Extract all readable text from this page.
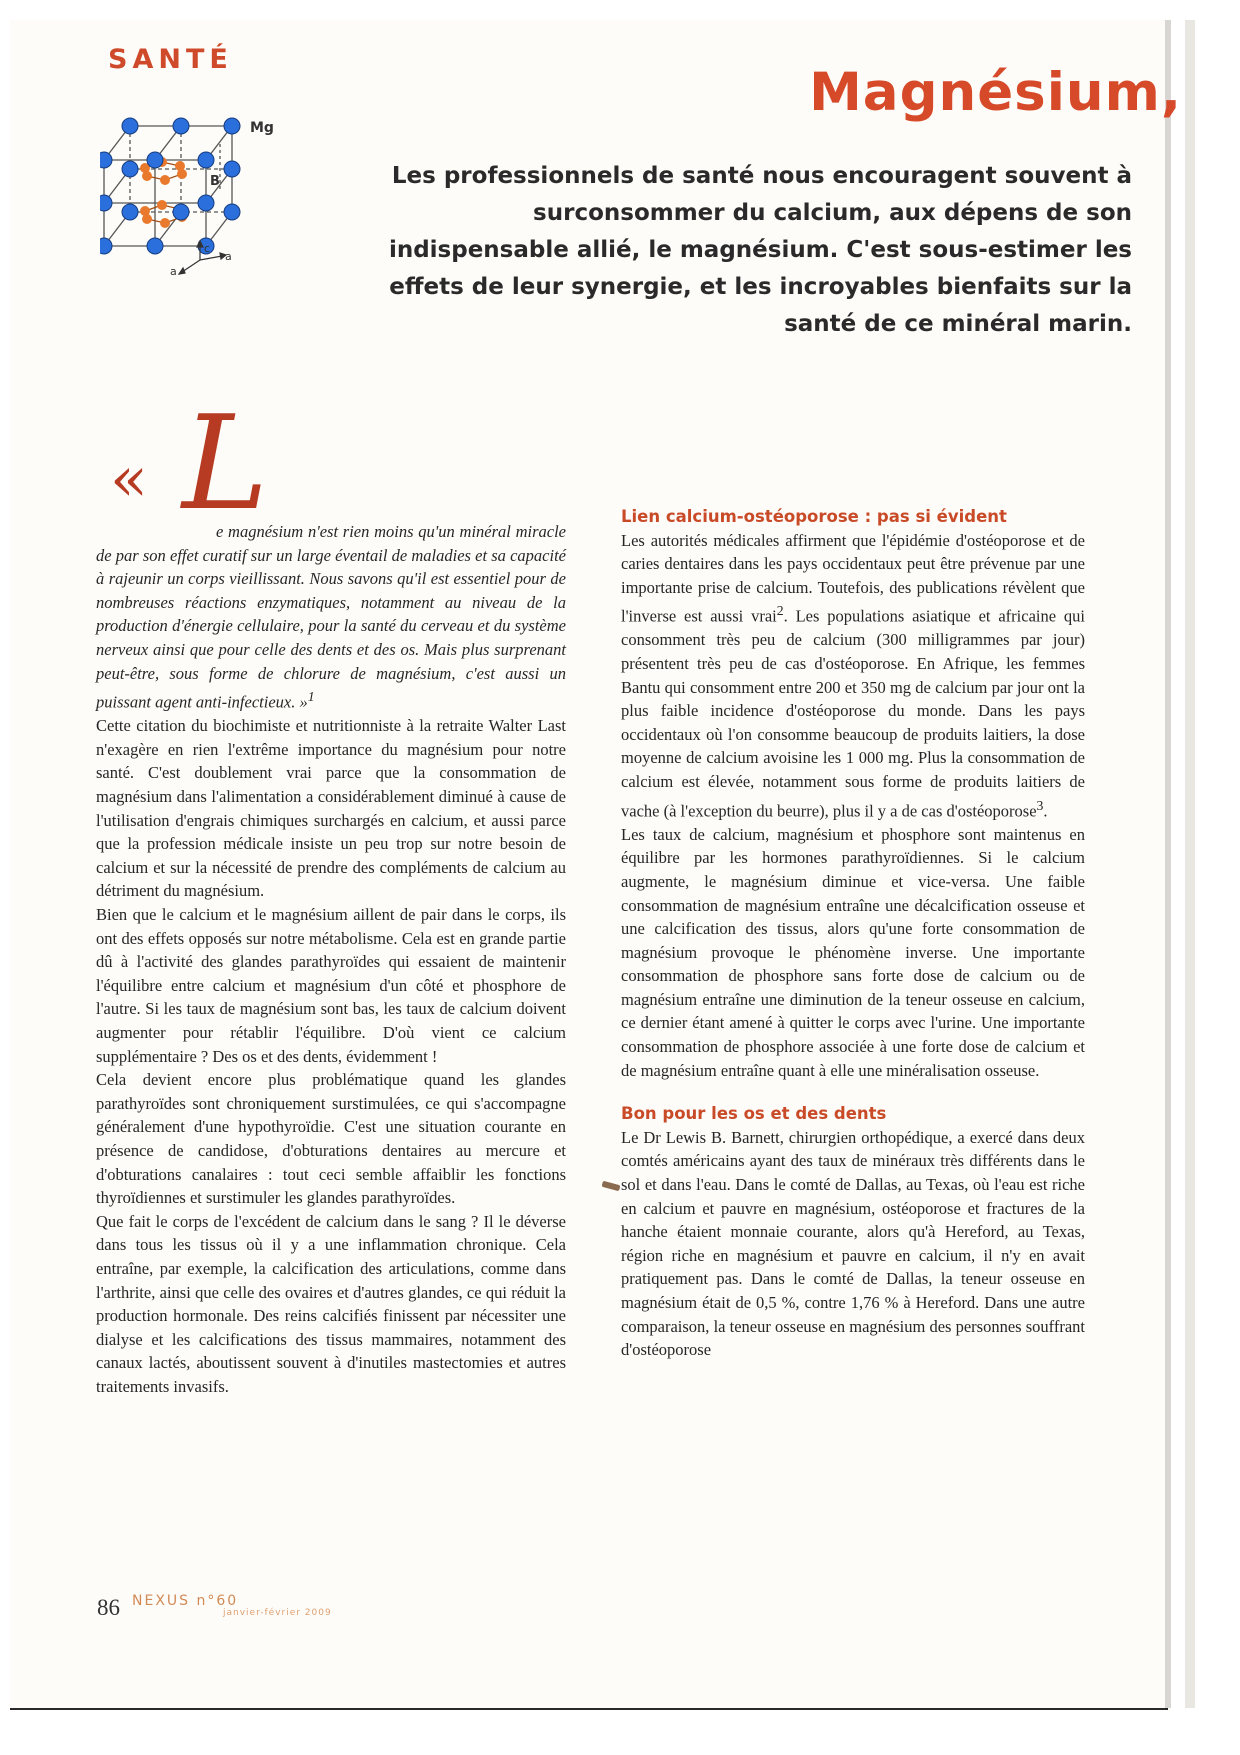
SANTÉ
Magnésium,
Les professionnels de santé nous encouragent souvent à surconsommer du calcium, aux dépens de son indispensable allié, le magnésium. C'est sous-estimer les effets de leur synergie, et les incroyables bienfaits sur la santé de ce minéral marin.
Mg
B
c
a
a
« L

e magnésium n'est rien moins qu'un minéral miracle de par son effet curatif sur un large éventail de maladies et sa capacité à rajeunir un corps vieillissant. Nous savons qu'il est essentiel pour de nombreuses réactions enzymatiques, notamment au niveau de la production d'énergie cellulaire, pour la santé du cerveau et du système nerveux ainsi que pour celle des dents et des os. Mais plus surprenant peut-être, sous forme de chlorure de magnésium, c'est aussi un puissant agent anti-infectieux. »$^1$

Cette citation du biochimiste et nutritionniste à la retraite Walter Last n'exagère en rien l'extrême importance du magnésium pour notre santé. C'est doublement vrai parce que la consommation de magnésium dans l'alimentation a considérablement diminué à cause de l'utilisation d'engrais chimiques surchargés en calcium, et aussi parce que la profession médicale insiste un peu trop sur notre besoin de calcium et sur la nécessité de prendre des compléments de calcium au détriment du magnésium.

Bien que le calcium et le magnésium aillent de pair dans le corps, ils ont des effets opposés sur notre métabolisme. Cela est en grande partie dû à l'activité des glandes parathyroïdes qui essaient de maintenir l'équilibre entre calcium et magnésium d'un côté et phosphore de l'autre. Si les taux de magnésium sont bas, les taux de calcium doivent augmenter pour rétablir l'équilibre. D'où vient ce calcium supplémentaire ? Des os et des dents, évidemment !

Cela devient encore plus problématique quand les glandes parathyroïdes sont chroniquement surstimulées, ce qui s'accompagne généralement d'une hypothyroïdie. C'est une situation courante en présence de candidose, d'obturations dentaires au mercure et d'obturations canalaires : tout ceci semble affaiblir les fonctions thyroïdiennes et surstimuler les glandes parathyroïdes.

Que fait le corps de l'excédent de calcium dans le sang ? Il le déverse dans tous les tissus où il y a une inflammation chronique. Cela entraîne, par exemple, la calcification des articulations, comme dans l'arthrite, ainsi que celle des ovaires et d'autres glandes, ce qui réduit la production hormonale. Des reins calcifiés finissent par nécessiter une dialyse et les calcifications des tissus mammaires, notamment des canaux lactés, aboutissent souvent à d'inutiles mastectomies et autres traitements invasifs.

Lien calcium-ostéoporose : pas si évident

Les autorités médicales affirment que l'épidémie d'ostéoporose et de caries dentaires dans les pays occidentaux peut être prévenue par une importante prise de calcium. Toutefois, des publications révèlent que l'inverse est aussi vrai$^2$. Les populations asiatique et africaine qui consomment très peu de calcium (300 milligrammes par jour) présentent très peu de cas d'ostéoporose. En Afrique, les femmes Bantu qui consomment entre 200 et 350 mg de calcium par jour ont la plus faible incidence d'ostéoporose du monde. Dans les pays occidentaux où l'on consomme beaucoup de produits laitiers, la dose moyenne de calcium avoisine les 1 000 mg. Plus la consommation de calcium est élevée, notamment sous forme de produits laitiers de vache (à l'exception du beurre), plus il y a de cas d'ostéoporose$^3$.

Les taux de calcium, magnésium et phosphore sont maintenus en équilibre par les hormones parathyroïdiennes. Si le calcium augmente, le magnésium diminue et vice-versa. Une faible consommation de magnésium entraîne une décalcification osseuse et une calcification des tissus, alors qu'une forte consommation de magnésium provoque le phénomène inverse. Une importante consommation de phosphore sans forte dose de calcium ou de magnésium entraîne une diminution de la teneur osseuse en calcium, ce dernier étant amené à quitter le corps avec l'urine. Une importante consommation de phosphore associée à une forte dose de calcium et de magnésium entraîne quant à elle une minéralisation osseuse.

Bon pour les os et des dents

Le Dr Lewis B. Barnett, chirurgien orthopédique, a exercé dans deux comtés américains ayant des taux de minéraux très différents dans le sol et dans l'eau. Dans le comté de Dallas, au Texas, où l'eau est riche en calcium et pauvre en magnésium, ostéoporose et fractures de la hanche étaient monnaie courante, alors qu'à Hereford, au Texas, région riche en magnésium et pauvre en calcium, il n'y en avait pratiquement pas. Dans le comté de Dallas, la teneur osseuse en magnésium était de 0,5 %, contre 1,76 % à Hereford. Dans une autre comparaison, la teneur osseuse en magnésium des personnes souffrant d'ostéoporose

86 NEXUS n°60
janvier-février 2009
